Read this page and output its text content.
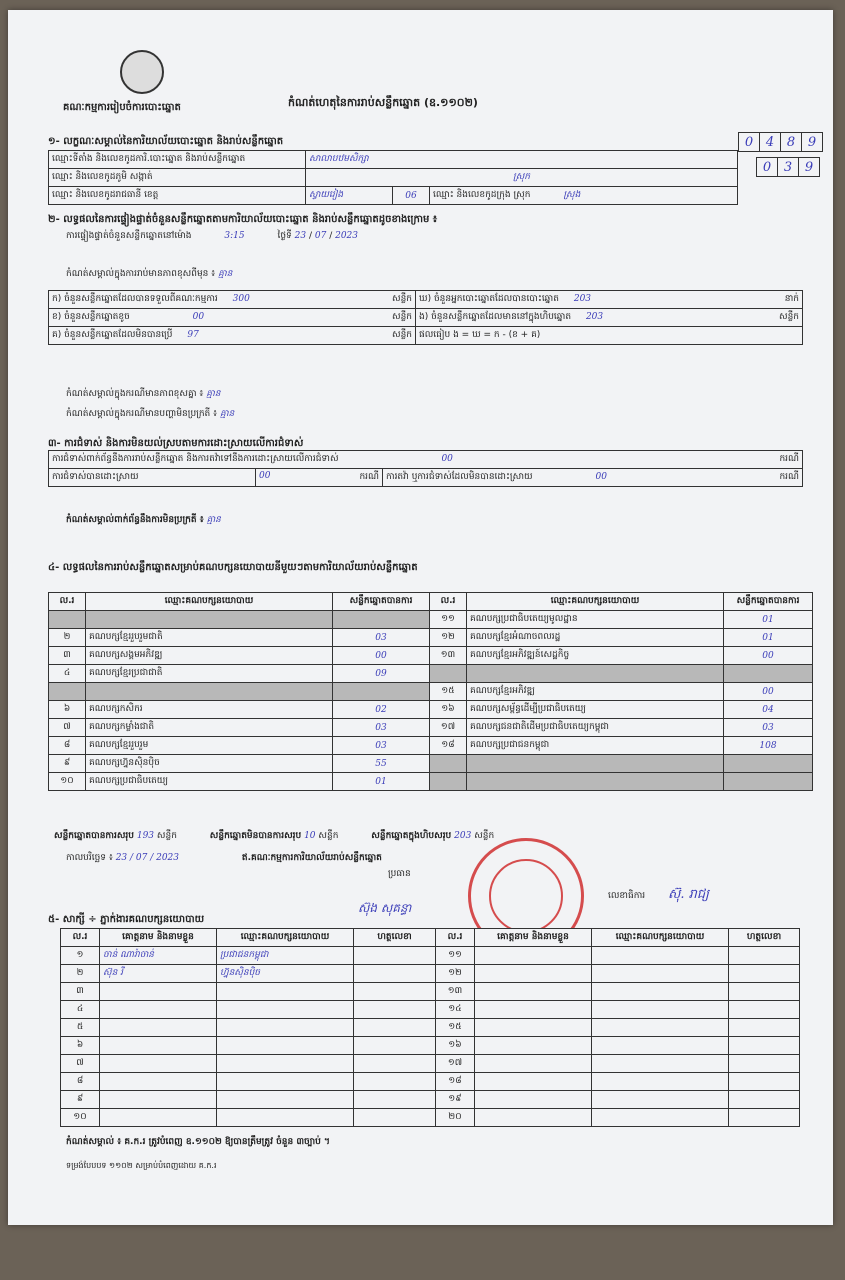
គណៈកម្មការរៀបចំការបោះឆ្នោត	កំណត់ហេតុនៃការរាប់សន្លឹកឆ្នោត (ឧ.១១០២)
១- លក្ខណៈសម្គាល់នៃការិយាល័យបោះឆ្នោត និងរាប់សន្លឹកឆ្នោត
ឈ្មោះទីតាំង និងលេខកូដការិ.បោះឆ្នោត និងរាប់សន្លឹកឆ្នោត	សាលាបឋមសិក្សា		
ឈ្មោះ និងលេខកូដភូមិ សង្កាត់	ស្រុក		
ឈ្មោះ និងលេខកូដរាជធានី ខេត្ត	ស្វាយរៀង	06	ឈ្មោះ និងលេខកូដក្រុង ស្រុក ស្រុង
0	4	8	9
0	3	9
២- លទ្ធផលនៃការផ្ទៀងផ្ទាត់ចំនួនសន្លឹកឆ្នោតតាមការិយាល័យបោះឆ្នោត និងរាប់សន្លឹកឆ្នោតដូចខាងក្រោម ៖
ការផ្ទៀងផ្ទាត់ចំនួនសន្លឹកឆ្នោតនៅម៉ោង	3:15	ថ្ងៃទី 23 / 07 / 2023
កំណត់សម្គាល់ក្នុងការរាប់មានភាពខុសពីមុន ៖ គ្មាន
ក) ចំនួនសន្លឹកឆ្នោតដែលបានទទួលពីគណៈកម្មការ 300 សន្លឹក	ឃ) ចំនួនអ្នកបោះឆ្នោតដែលបានបោះឆ្នោត 203 នាក់

ខ) ចំនួនសន្លឹកឆ្នោតខូច 00 សន្លឹក	ង) ចំនួនសន្លឹកឆ្នោតដែលមាននៅក្នុងហិបឆ្នោត 203 សន្លឹក

គ) ចំនួនសន្លឹកឆ្នោតដែលមិនបានប្រើ 97 សន្លឹក	ផលធៀប ង = ឃ = ក - (ខ + គ)
កំណត់សម្គាល់ក្នុងករណីមានភាពខុសគ្នា ៖ គ្មាន
កំណត់សម្គាល់ក្នុងករណីមានបញ្ហាមិនប្រក្រតី ៖ គ្មាន
៣- ការជំទាស់ និងការមិនយល់ស្របតាមការដោះស្រាយលើការជំទាស់
ការជំទាស់ពាក់ព័ន្ធនឹងការរាប់សន្លឹកឆ្នោត និងការតវ៉ាទៅនឹងការដោះស្រាយលើការជំទាស់	00	ករណី

ការជំទាស់បានដោះស្រាយ	00	ករណី	ការតវ៉ា ឬការជំទាស់ដែលមិនបានដោះស្រាយ	00	ករណី
កំណត់សម្គាល់ពាក់ព័ន្ធនឹងការមិនប្រក្រតី ៖ គ្មាន
៤- លទ្ធផលនៃការរាប់សន្លឹកឆ្នោតសម្រាប់គណបក្សនយោបាយនីមួយៗតាមការិយាល័យរាប់សន្លឹកឆ្នោត
ល.រ	ឈ្មោះគណបក្សនយោបាយ	សន្លឹកឆ្នោតបានការ	ល.រ	ឈ្មោះគណបក្សនយោបាយ	សន្លឹកឆ្នោតបានការ
			១១	គណបក្សប្រជាធិបតេយ្យមូលដ្ឋាន	01
២	គណបក្សខ្មែររួបរួមជាតិ	03	១២	គណបក្សខ្មែរអំណាចពលរដ្ឋ	01
៣	គណបក្សសង្គមអភិវឌ្ឍ	00	១៣	គណបក្សខ្មែរអភិវឌ្ឍន៍សេដ្ឋកិច្ច	00
៤	គណបក្សខ្មែរប្រជាជាតិ	09			
			១៥	គណបក្សខ្មែរអភិវឌ្ឍ	00
៦	គណបក្សកសិករ	02	១៦	គណបក្សសម្ព័ន្ធដើម្បីប្រជាធិបតេយ្យ	04
៧	គណបក្សកម្លាំងជាតិ	03	១៧	គណបក្សជនជាតិដើមប្រជាធិបតេយ្យកម្ពុជា	03
៨	គណបក្សខ្មែររួបរួម	03	១៨	គណបក្សប្រជាជនកម្ពុជា	108
៩	គណបក្សហ្វ៊ុនស៊ិនប៉ិច	55			
១០	គណបក្សប្រជាធិបតេយ្យ	01			
សន្លឹកឆ្នោតបានការសរុប 193 សន្លឹក	សន្លឹកឆ្នោតមិនបានការសរុប 10 សន្លឹក	សន្លឹកឆ្នោតក្នុងហិបសរុប 203 សន្លឹក
កាលបរិច្ឆេទ ៖ 23 / 07 / 2023	ឥ.គណៈកម្មការការិយាល័យរាប់សន្លឹកឆ្នោត
ប្រធាន
ស៊ុង សុគន្ធា
លេខាធិការ ស៊ុ. រាជ្យ
៥- សាក្សី ÷ ភ្នាក់ងារគណបក្សនយោបាយ
ល.រ	គោត្តនាម និងនាមខ្លួន	ឈ្មោះគណបក្សនយោបាយ	ហត្ថលេខា	ល.រ	គោត្តនាម និងនាមខ្លួន	ឈ្មោះគណបក្សនយោបាយ	ហត្ថលេខា
១	ចាន់ ណារ៉ាចាន់	ប្រជាជនកម្ពុជា		១១			
២	ស៊ុន រី	ហ្វ៊ុនស៊ិនប៉ិច		១២			
៣				១៣			
៤				១៤			
៥				១៥			
៦				១៦			
៧				១៧			
៨				១៨			
៩				១៩			
១០				២០			
កំណត់សម្គាល់ ៖ គ.ក.រ ត្រូវបំពេញ ឧ.១១០២ ឱ្យបានត្រឹមត្រូវ ចំនួន ៣ច្បាប់ ។
ទម្រង់បែបបទ ១១០២ សម្រាប់បំពេញដោយ គ.ក.រ
